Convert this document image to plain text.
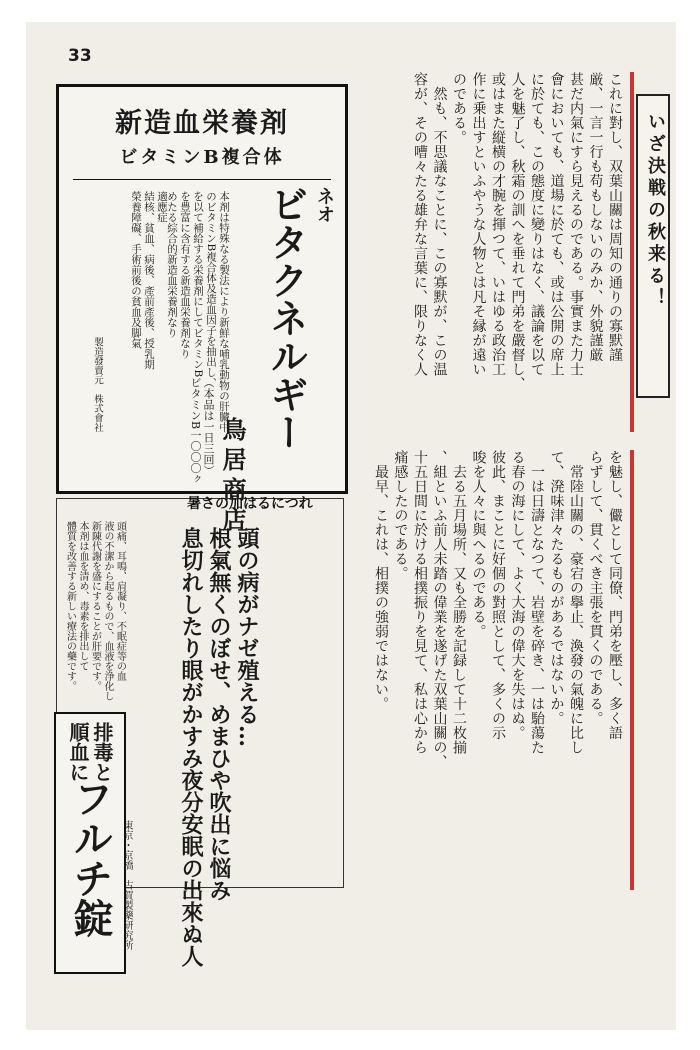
33
いざ決戦の秋来る！
これに對し、双葉山關は周知の通りの寡默謹
厳、一言一行も苟もしないのみか、外貌謹厳
甚だ内氣にすら見えるのである。事實また力士
會においても、道場に於ても、或は公開の席上
に於ても、この態度に變りはなく、議論を以て
人を魅了し、秋霜の訓へを垂れて門弟を嚴督し、
或はまた縦横の才腕を揮つて、いはゆる政治工
作に乗出すといふやうな人物とは凡そ縁が遠い
のである。
　然も、不思議なことに、この寡默が、この温
容が、その嘈々たる雄弁な言葉に、限りなく人
を魅し、儼として同僚、門弟を壓し、多く語
らずして、貫くべき主張を貫くのである。
　常陸山關の、豪宕の擧止、渙發の氣魄に比し
て、溌味津々たるものがあるではないか。
　一は日濤となつて、岩壁を碎き、一は駘蕩た
る春の海にして、よく大海の偉大を失はぬ。
彼此、まことに好個の對照として、多くの示
唆を人々に與へるのである。
　去る五月場所、又も全勝を記録して十二枚揃
、組といふ前人未踏の偉業を遂げた双葉山關の、
十五日間に於ける相撲振りを見て、私は心から
痛感したのである。
　最早、これは、相撲の強弱ではない。
新造血栄養剤
ビタミンB複合体
ネオ
ビタクネルギー
本剤は特殊なる製法により新鮮な哺乳動物の肝臓中
のビタミンB複合体及造血因子を抽出し、
を以て補給する栄養剤にしてビタミンB
を豊富に含有する新造血栄養剤なり
めたる綜合的新造血栄養剤なり
適應症
結核、貧血、病後、產前產後、授乳期
榮養障礙、手術前後の貧血及脚氣
（本品は一日三回）
ビタミンB一〇〇〇ㇰ
製造發賣元　株式會社
鳥居商店
暑さの加はるにつれ
頭の病がナゼ殖える…
根氣無くのぼせ、めまひや吹出に悩み
息切れしたり眼がかすみ夜分安眠の出來ぬ人
頭痛、耳鳴、肩凝り、不眠症等の血
液の不潔から起るもので、血液を浄化し
新陳代謝を盛にすることが肝要です。
本剤は血を清め、毒素を排出して
體質を改善する新しい療法の藥です。
排毒と
順血に
フルチ錠 東京・京橋　古賀製藥研究所
